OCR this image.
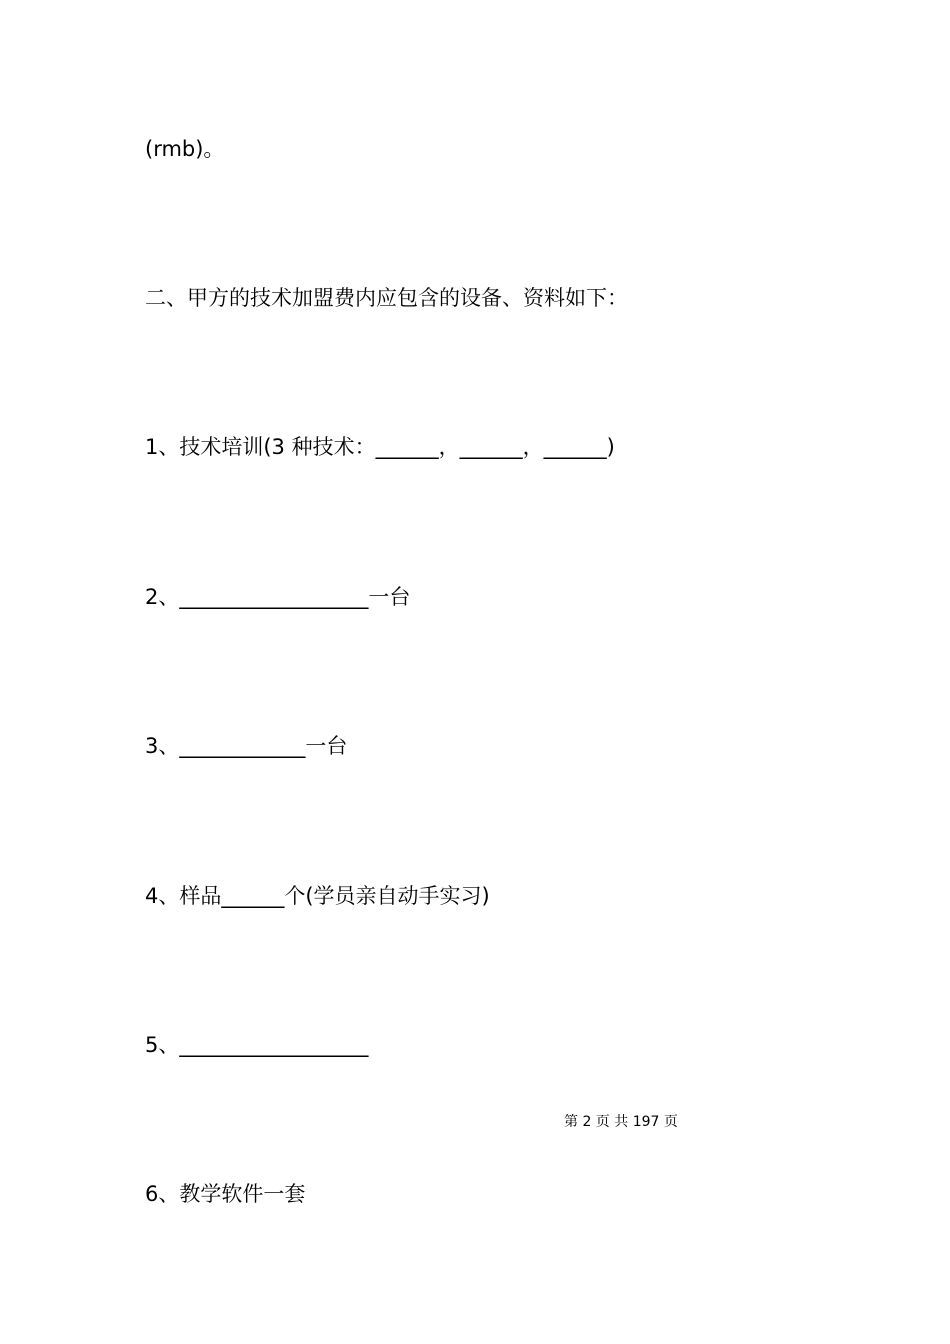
(rmb)。
二、甲方的技术加盟费内应包含的设备、资料如下：
1、技术培训(3 种技术：______，______，______)
2、__________________一台
3、____________一台
4、样品______个(学员亲自动手实习)
5、__________________
第 2 页 共 197 页
6、教学软件一套
